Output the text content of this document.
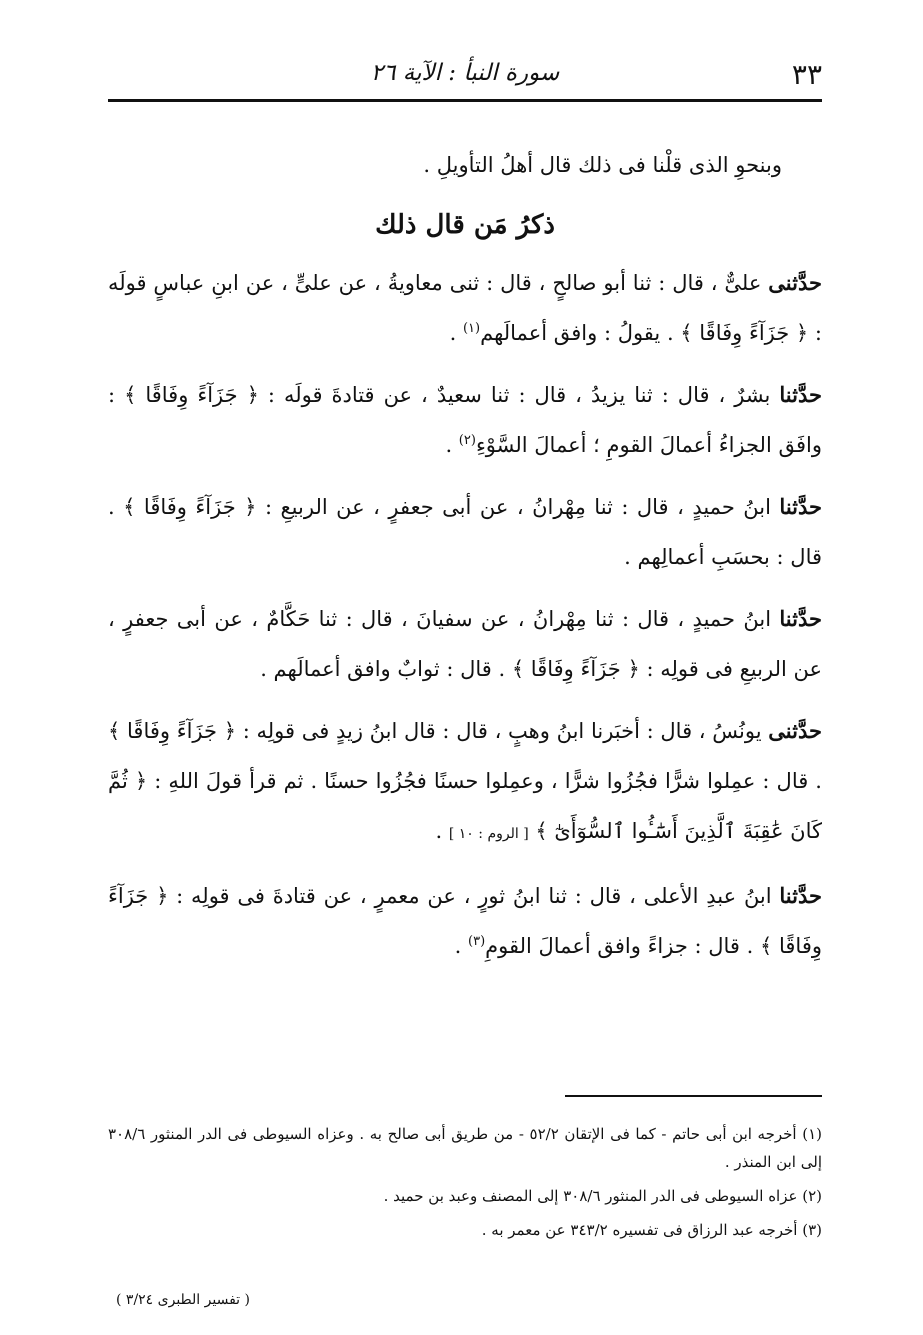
٣٣
سورة النبأ : الآية ٢٦

وبنحوِ الذى قلْنا فى ذلك قال أهلُ التأويلِ .

ذكرُ مَن قال ذلك

حدَّثنى علىٌّ ، قال : ثنا أبو صالحٍ ، قال : ثنى معاويةُ ، عن علىٍّ ، عن ابنِ عباسٍ قولَه : ﴿ جَزَآءً وِفَاقًا ﴾ . يقولُ : وافق أعمالَهم$^{(١)}$ .

حدَّثنا بشرٌ ، قال : ثنا يزيدُ ، قال : ثنا سعيدٌ ، عن قتادةَ قولَه : ﴿ جَزَآءً وِفَاقًا ﴾ : وافَق الجزاءُ أعمالَ القومِ ؛ أعمالَ السَّوْءِ$^{(٢)}$ .

حدَّثنا ابنُ حميدٍ ، قال : ثنا مِهْرانُ ، عن أبى جعفرٍ ، عن الربيعِ : ﴿ جَزَآءً وِفَاقًا ﴾ . قال : بحسَبِ أعمالِهم .

حدَّثنا ابنُ حميدٍ ، قال : ثنا مِهْرانُ ، عن سفيانَ ، قال : ثنا حَكَّامٌ ، عن أبى جعفرٍ ، عن الربيعِ فى قولِه : ﴿ جَزَآءً وِفَاقًا ﴾ . قال : ثوابٌ وافق أعمالَهم .

حدَّثنى يونُسُ ، قال : أخبَرنا ابنُ وهبٍ ، قال : قال ابنُ زيدٍ فى قولِه : ﴿ جَزَآءً وِفَاقًا ﴾ . قال : عمِلوا شرًّا فجُزُوا شرًّا ، وعمِلوا حسنًا فجُزُوا حسنًا . ثم قرأ قولَ اللهِ : ﴿ ثُمَّ كَانَ عَٰقِبَةَ ٱلَّذِينَ أَسَٰٓـُٔوا ٱلسُّوٓأَىٰٓ ﴾ [ الروم : ١٠ ] .

حدَّثنا ابنُ عبدِ الأعلى ، قال : ثنا ابنُ ثورٍ ، عن معمرٍ ، عن قتادةَ فى قولِه : ﴿ جَزَآءً وِفَاقًا ﴾ . قال : جزاءً وافق أعمالَ القومِ$^{(٣)}$ .

(١) أخرجه ابن أبى حاتم - كما فى الإتقان ٥٢/٢ - من طريق أبى صالح به . وعزاه السيوطى فى الدر المنثور ٣٠٨/٦ إلى ابن المنذر .

(٢) عزاه السيوطى فى الدر المنثور ٣٠٨/٦ إلى المصنف وعبد بن حميد .

(٣) أخرجه عبد الرزاق فى تفسيره ٣٤٣/٢ عن معمر به .

( تفسير الطبرى ٣/٢٤ )
